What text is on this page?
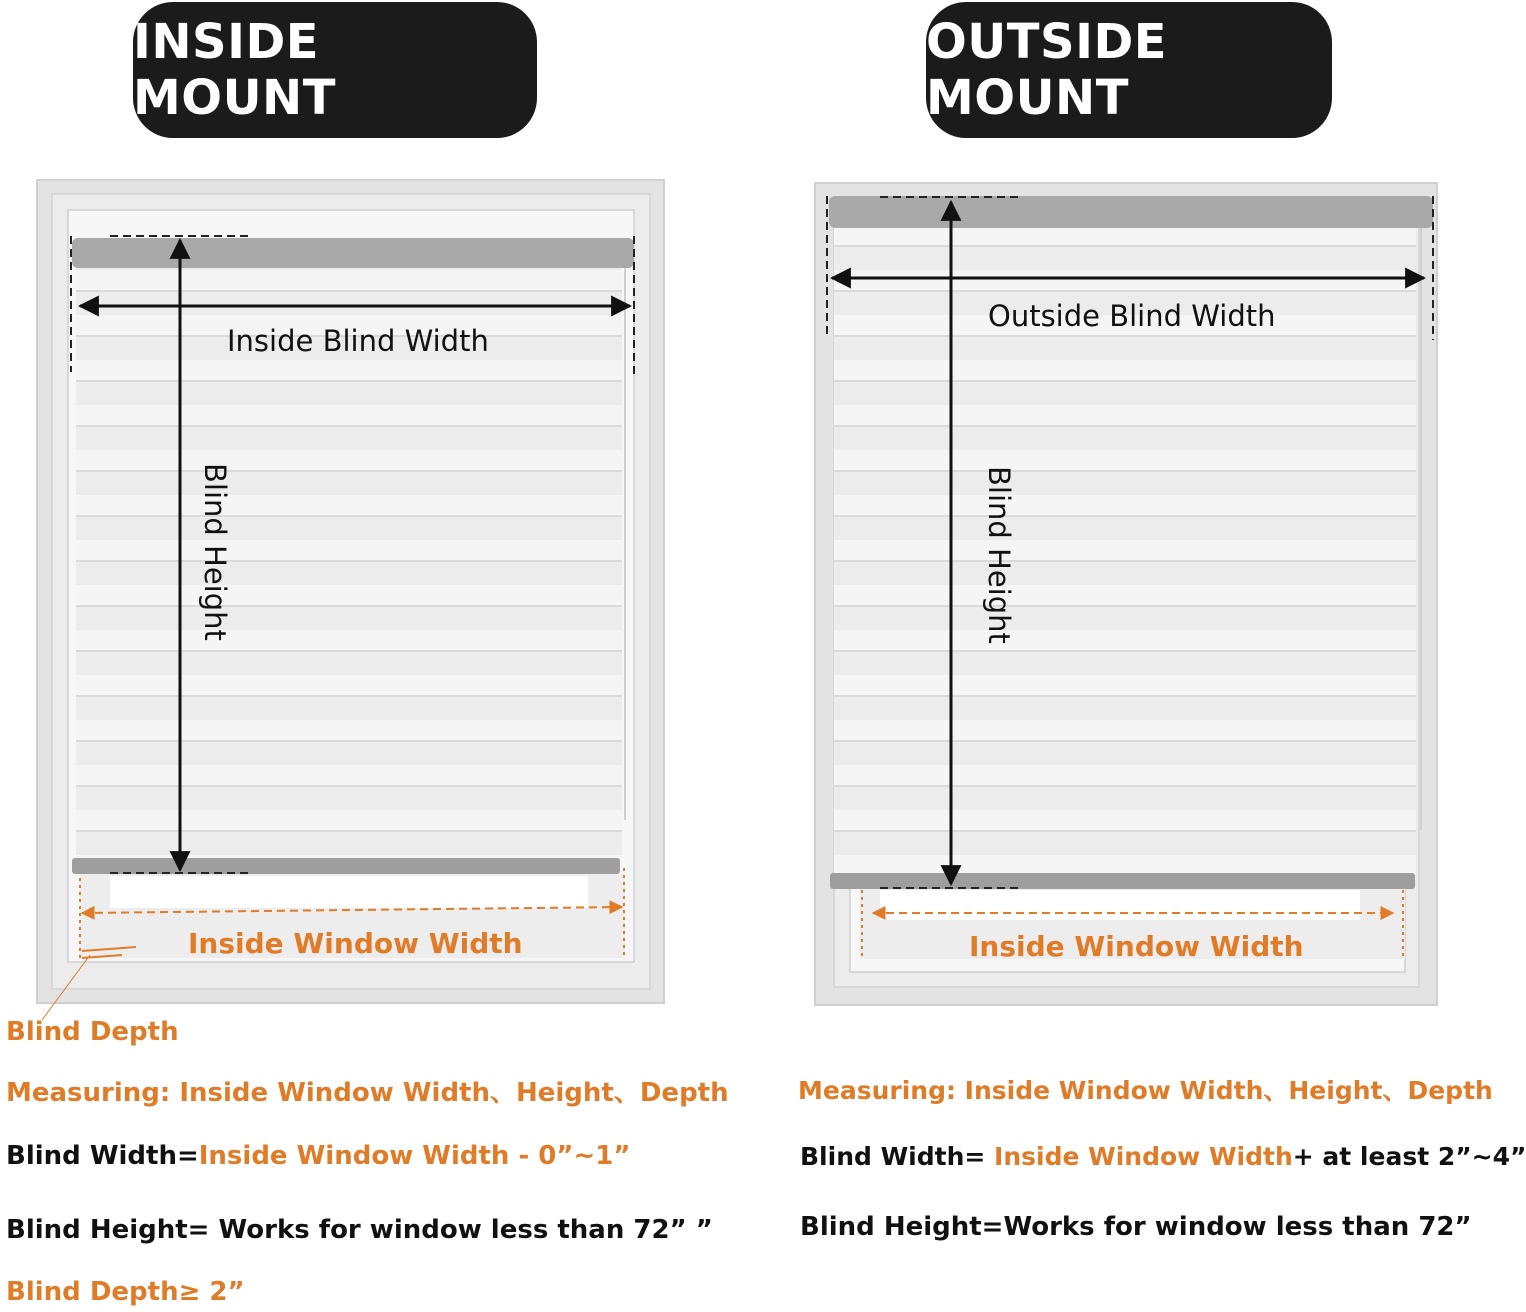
INSIDE MOUNT
OUTSIDE MOUNT
Inside Blind Width
Blind Height
Inside Window Width
Outside Blind Width
Blind Height
Inside Window Width
Blind Depth
Measuring: Inside Window Width、Height、Depth
Blind Width=Inside Window Width - 0”~1”
Blind Height= Works for window less than 72” ”
Blind Depth≥ 2”
Measuring: Inside Window Width、Height、Depth
Blind Width= Inside Window Width+ at least 2”~4”
Blind Height=Works for window less than 72”
